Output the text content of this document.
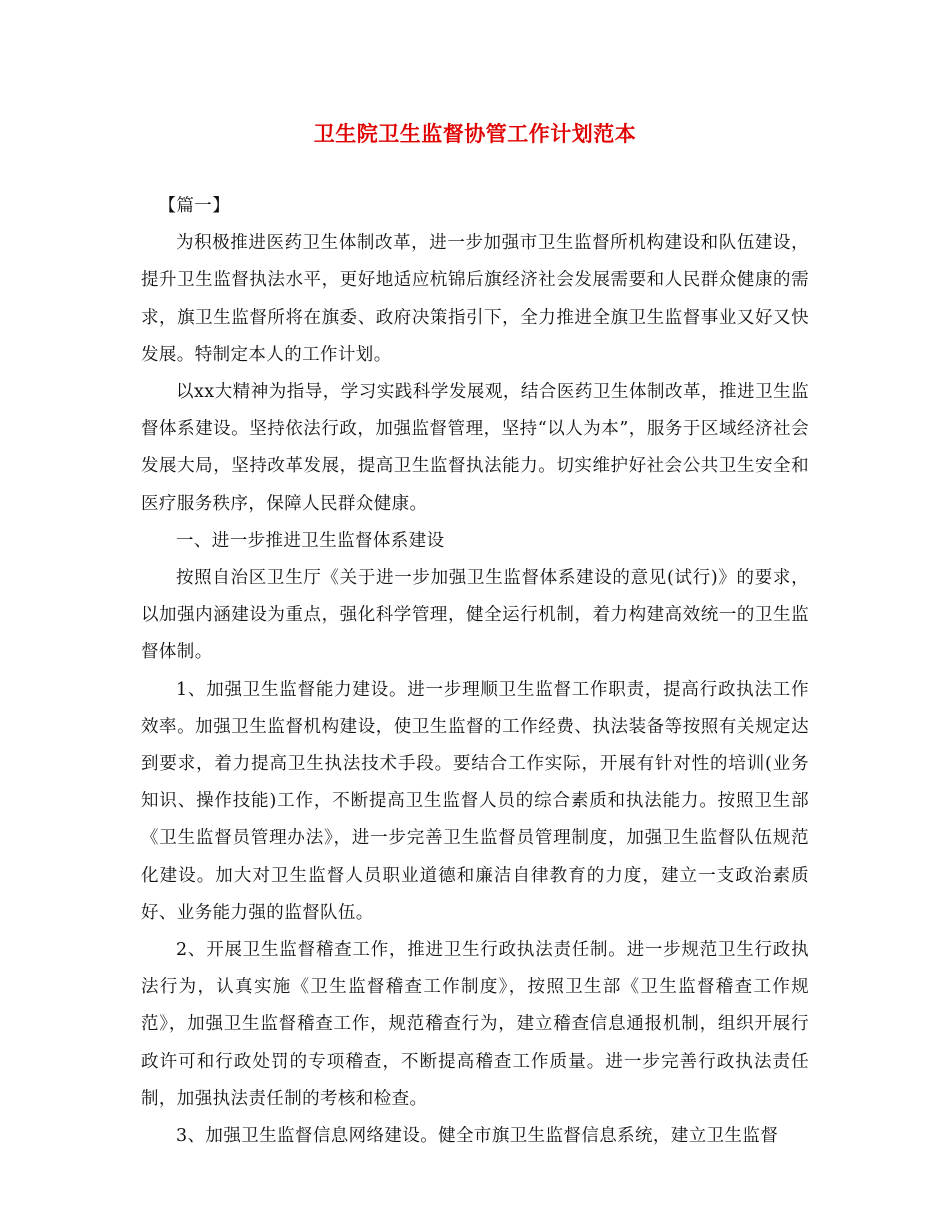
卫生院卫生监督协管工作计划范本

【篇一】

为积极推进医药卫生体制改革，进一步加强市卫生监督所机构建设和队伍建设，提升卫生监督执法水平，更好地适应杭锦后旗经济社会发展需要和人民群众健康的需求，旗卫生监督所将在旗委、政府决策指引下，全力推进全旗卫生监督事业又好又快发展。特制定本人的工作计划。

以xx大精神为指导，学习实践科学发展观，结合医药卫生体制改革，推进卫生监督体系建设。坚持依法行政，加强监督管理，坚持“以人为本”，服务于区域经济社会发展大局，坚持改革发展，提高卫生监督执法能力。切实维护好社会公共卫生安全和医疗服务秩序，保障人民群众健康。

一、进一步推进卫生监督体系建设

按照自治区卫生厅《关于进一步加强卫生监督体系建设的意见(试行)》的要求，以加强内涵建设为重点，强化科学管理，健全运行机制，着力构建高效统一的卫生监督体制。

1、加强卫生监督能力建设。进一步理顺卫生监督工作职责，提高行政执法工作效率。加强卫生监督机构建设，使卫生监督的工作经费、执法装备等按照有关规定达到要求，着力提高卫生执法技术手段。要结合工作实际，开展有针对性的培训(业务知识、操作技能)工作，不断提高卫生监督人员的综合素质和执法能力。按照卫生部《卫生监督员管理办法》，进一步完善卫生监督员管理制度，加强卫生监督队伍规范化建设。加大对卫生监督人员职业道德和廉洁自律教育的力度，建立一支政治素质好、业务能力强的监督队伍。

2、开展卫生监督稽查工作，推进卫生行政执法责任制。进一步规范卫生行政执法行为，认真实施《卫生监督稽查工作制度》，按照卫生部《卫生监督稽查工作规范》，加强卫生监督稽查工作，规范稽查行为，建立稽查信息通报机制，组织开展行政许可和行政处罚的专项稽查，不断提高稽查工作质量。进一步完善行政执法责任制，加强执法责任制的考核和检查。

3、加强卫生监督信息网络建设。健全市旗卫生监督信息系统，建立卫生监督
